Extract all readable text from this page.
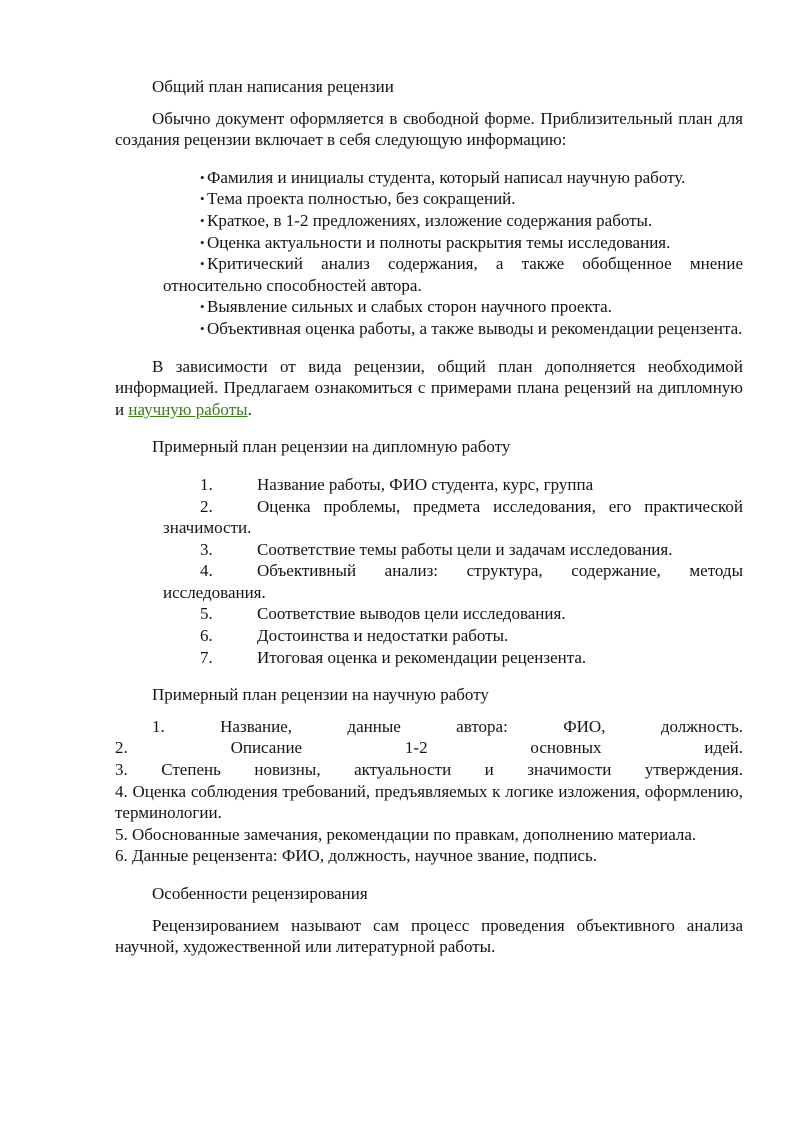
Общий план написания рецензии

Обычно документ оформляется в свободной форме. Приблизительный план для создания рецензии включает в себя следующую информацию:

• Фамилия и инициалы студента, который написал научную работу.
• Тема проекта полностью, без сокращений.
• Краткое, в 1-2 предложениях, изложение содержания работы.
• Оценка актуальности и полноты раскрытия темы исследования.
• Критический анализ содержания, а также обобщенное мнение относительно способностей автора.
• Выявление сильных и слабых сторон научного проекта.
• Объективная оценка работы, а также выводы и рекомендации рецензента.

В зависимости от вида рецензии, общий план дополняется необходимой информацией. Предлагаем ознакомиться с примерами плана рецензий на дипломную и научную работы.

Примерный план рецензии на дипломную работу

1.	Название работы, ФИО студента, курс, группа
2.	Оценка проблемы, предмета исследования, его практической значимости.
3.	Соответствие темы работы цели и задачам исследования.
4.	Объективный анализ: структура, содержание, методы исследования.
5.	Соответствие выводов цели исследования.
6.	Достоинства и недостатки работы.
7.	Итоговая оценка и рекомендации рецензента.

Примерный план рецензии на научную работу

1. Название, данные автора: ФИО, должность.

2. Описание 1-2 основных идей.

3. Степень новизны, актуальности и значимости утверждения.

4. Оценка соблюдения требований, предъявляемых к логике изложения, оформлению, терминологии.

5. Обоснованные замечания, рекомендации по правкам, дополнению материала.

6. Данные рецензента: ФИО, должность, научное звание, подпись.

Особенности рецензирования

Рецензированием называют сам процесс проведения объективного анализа научной, художественной или литературной работы.
